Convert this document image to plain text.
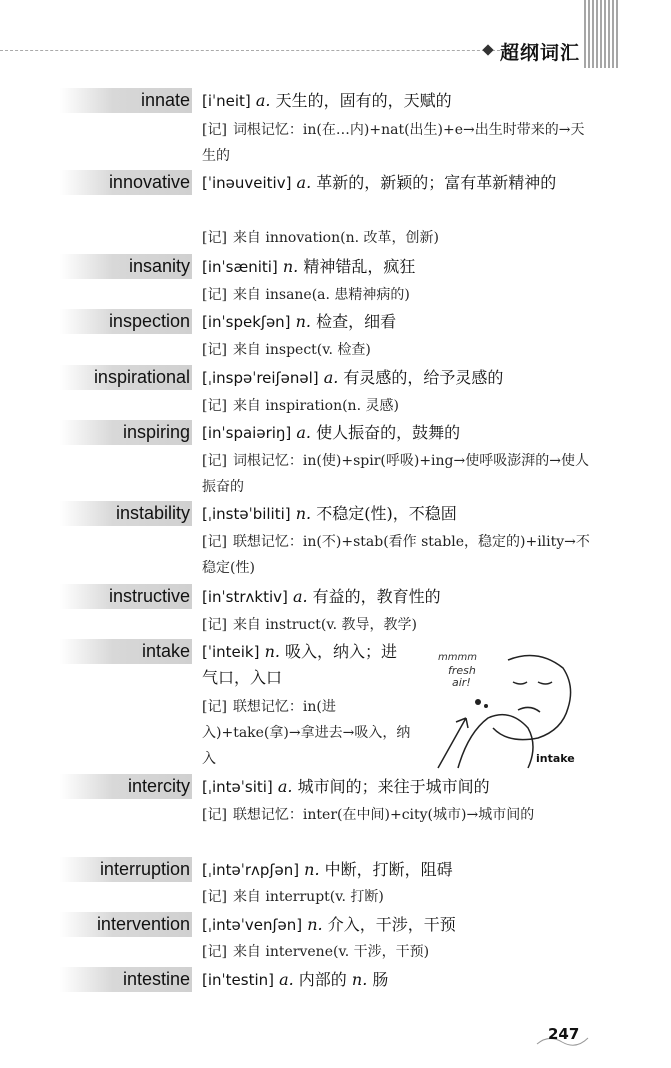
超纲词汇
innate [iˈneit] a. 天生的，固有的，天赋的
[记] 词根记忆：in(在…内)+nat(出生)+e→出生时带来的→天生的
innovative [ˈinəuveitiv] a. 革新的，新颖的；富有革新精神的
[记] 来自 innovation(n. 改革，创新)
insanity [inˈsæniti] n. 精神错乱，疯狂
[记] 来自 insane(a. 患精神病的)
inspection [inˈspekʃən] n. 检查，细看
[记] 来自 inspect(v. 检查)
inspirational [ˌinspəˈreiʃənəl] a. 有灵感的，给予灵感的
[记] 来自 inspiration(n. 灵感)
inspiring [inˈspaiəriŋ] a. 使人振奋的，鼓舞的
[记] 词根记忆：in(使)+spir(呼吸)+ing→使呼吸澎湃的→使人振奋的
instability [ˌinstəˈbiliti] n. 不稳定(性)，不稳固
[记] 联想记忆：in(不)+stab(看作 stable，稳定的)+ility→不稳定(性)
instructive [inˈstrʌktiv] a. 有益的，教育性的
[记] 来自 instruct(v. 教导，教学)
intake [ˈinteik] n. 吸入，纳入；进气口，入口
[记] 联想记忆：in(进入)+take(拿)→拿进去→吸入，纳入
mmmm
fresh
air!
intake
intercity [ˌintəˈsiti] a. 城市间的；来往于城市间的
[记] 联想记忆：inter(在中间)+city(城市)→城市间的
interruption [ˌintəˈrʌpʃən] n. 中断，打断，阻碍
[记] 来自 interrupt(v. 打断)
intervention [ˌintəˈvenʃən] n. 介入，干涉，干预
[记] 来自 intervene(v. 干涉，干预)
intestine [inˈtestin] a. 内部的 n. 肠
247
